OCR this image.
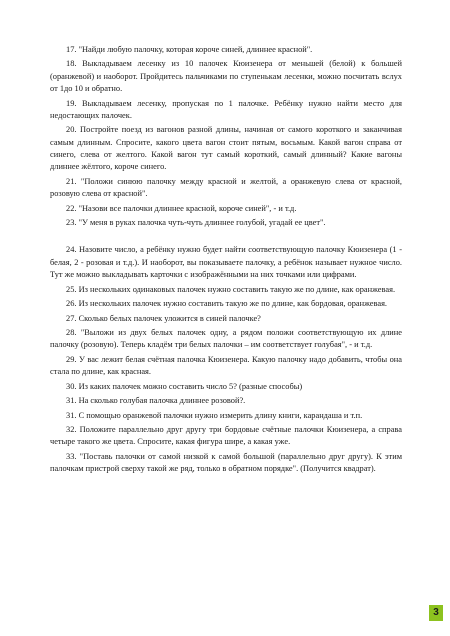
17. "Найди любую палочку, которая короче синей, длиннее красной".

18. Выкладываем лесенку из 10 палочек Кюизенера от меньшей (белой) к большей (оранжевой) и наоборот. Пройдитесь пальчиками по ступенькам лесенки, можно посчитать вслух от 1до 10 и обратно.

19. Выкладываем лесенку, пропуская по 1 палочке. Ребёнку нужно найти место для недостающих палочек.

20. Постройте поезд из вагонов разной длины, начиная от самого короткого и заканчивая самым длинным. Спросите, какого цвета вагон стоит пятым, восьмым. Какой вагон справа от синего, слева от желтого. Какой вагон тут самый короткий, самый длинный? Какие вагоны длиннее жёлтого, короче синего.

21. "Положи синюю палочку между красной и желтой, а оранжевую слева от красной, розовую слева от красной".

22. "Назови все палочки длиннее красной, короче синей", - и т.д.

23. "У меня в руках палочка чуть-чуть длиннее голубой, угадай ее цвет".

24. Назовите число, а ребёнку нужно будет найти соответствующую палочку Кюизенера (1 - белая, 2 - розовая и т.д.). И наоборот, вы показываете палочку, а ребёнок называет нужное число. Тут же можно выкладывать карточки с изображёнными на них точками или цифрами.

25. Из нескольких одинаковых палочек нужно составить такую же по длине, как оранжевая.

26. Из нескольких палочек нужно составить такую же по длине, как бордовая, оранжевая.

27. Сколько белых палочек уложится в синей палочке?

28. "Выложи из двух белых палочек одну, а рядом положи соответствующую их длине палочку (розовую). Теперь кладём три белых палочки – им соответствует голубая", - и т.д.

29. У вас лежит белая счётная палочка Кюизенера. Какую палочку надо добавить, чтобы она стала по длине, как красная.

30. Из каких палочек можно составить число 5? (разные способы)

31. На сколько голубая палочка длиннее розовой?.

31. С помощью оранжевой палочки нужно измерить длину книги, карандаша и т.п.

32. Положите параллельно друг другу три бордовые счётные палочки Кюизенера, а справа четыре такого же цвета. Спросите, какая фигура шире, а какая уже.

33. "Поставь палочки от самой низкой к самой большой (параллельно друг другу). К этим палочкам пристрой сверху такой же ряд, только в обратном порядке". (Получится квадрат).

3
